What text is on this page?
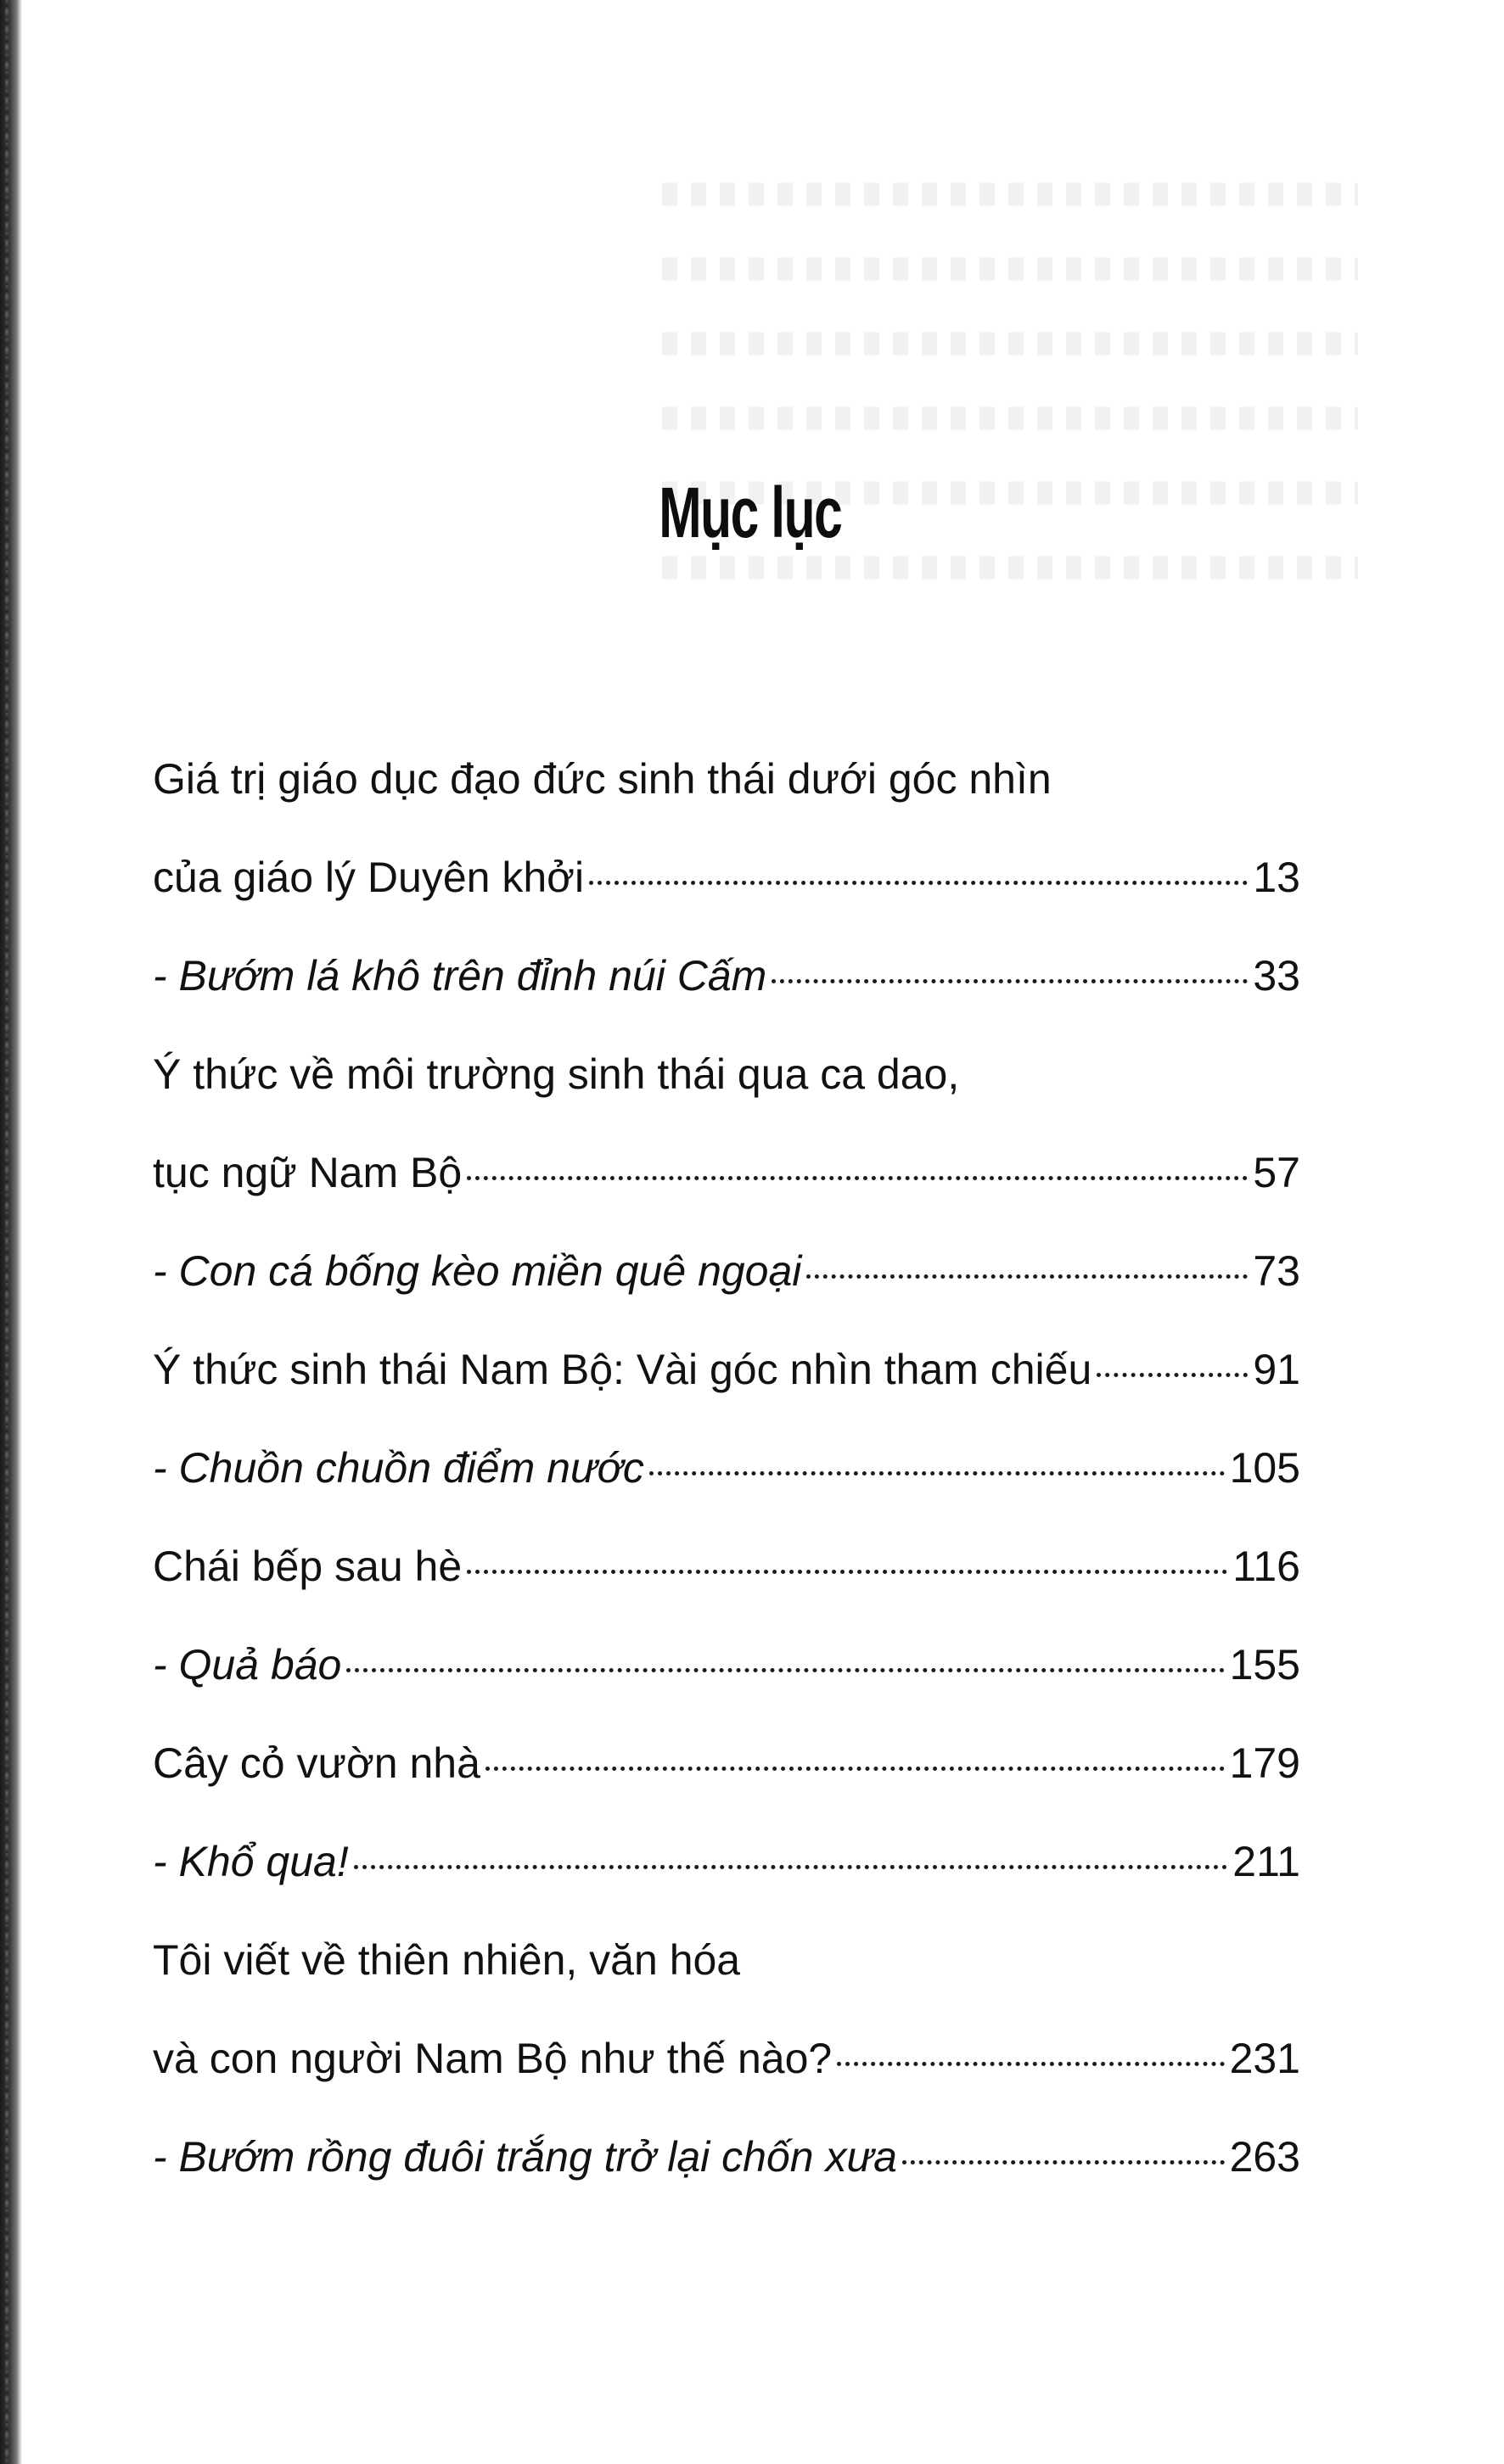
Mục lục
Giá trị giáo dục đạo đức sinh thái dưới góc nhìn
của giáo lý Duyên khởi	13
- Bướm lá khô trên đỉnh núi Cấm	33
Ý thức về môi trường sinh thái qua ca dao,
tục ngữ Nam Bộ	57
- Con cá bống kèo miền quê ngoại	73
Ý thức sinh thái Nam Bộ: Vài góc nhìn tham chiếu	91
- Chuồn chuồn điểm nước	105
Chái bếp sau hè	116
- Quả báo	155
Cây cỏ vườn nhà	179
- Khổ qua!	211
Tôi viết về thiên nhiên, văn hóa
và con người Nam Bộ như thế nào?	231
- Bướm rồng đuôi trắng trở lại chốn xưa	263
